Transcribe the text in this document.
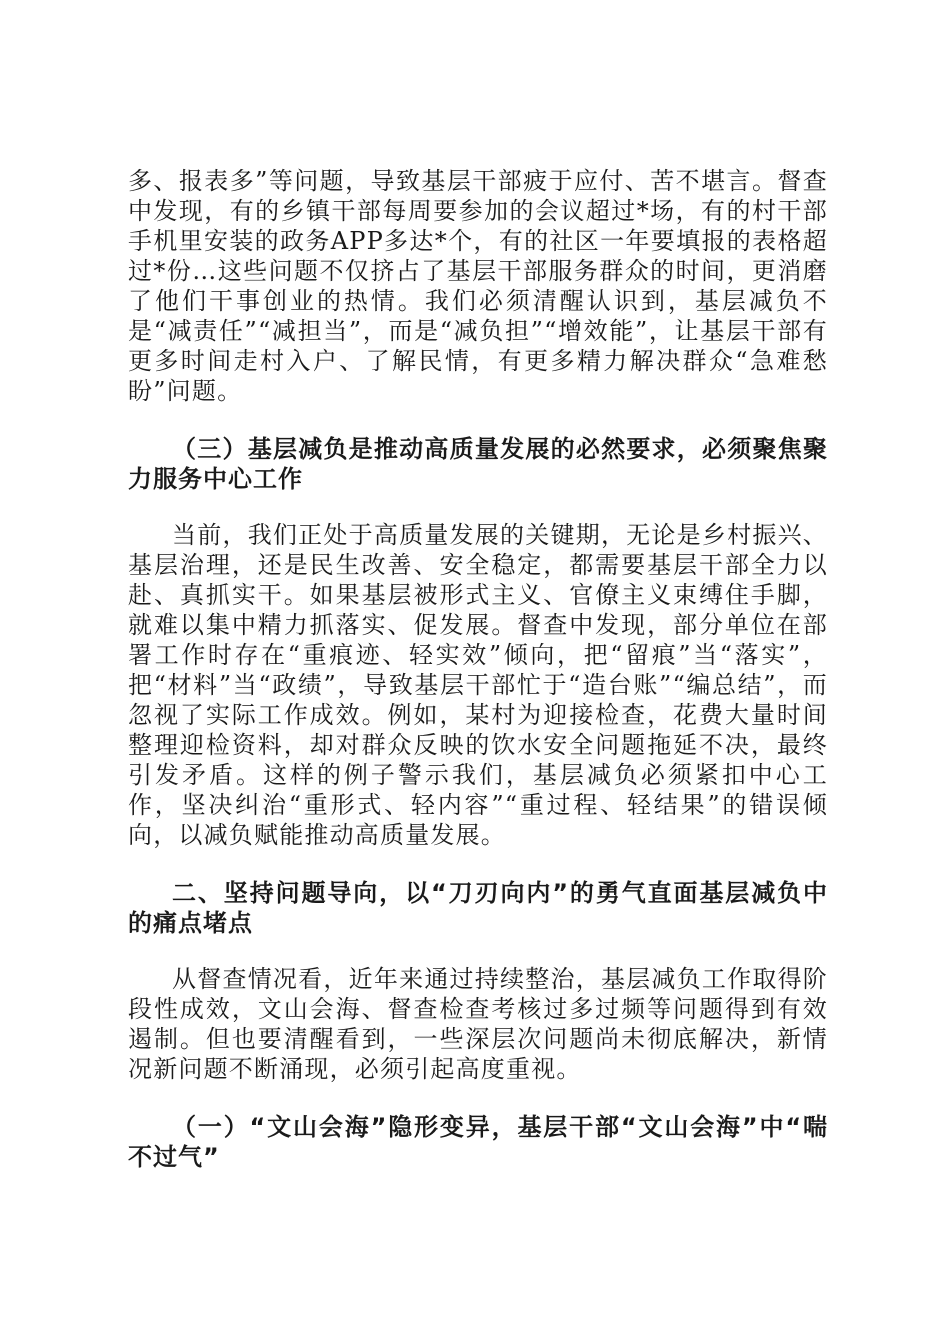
多、报表多”等问题，导致基层干部疲于应付、苦不堪言。督查中发现，有的乡镇干部每周要参加的会议超过*场，有的村干部手机里安装的政务APP多达*个，有的社区一年要填报的表格超过*份…这些问题不仅挤占了基层干部服务群众的时间，更消磨了他们干事创业的热情。我们必须清醒认识到，基层减负不是“减责任”“减担当”，而是“减负担”“增效能”，让基层干部有更多时间走村入户、了解民情，有更多精力解决群众“急难愁盼”问题。

（三）基层减负是推动高质量发展的必然要求，必须聚焦聚力服务中心工作

当前，我们正处于高质量发展的关键期，无论是乡村振兴、基层治理，还是民生改善、安全稳定，都需要基层干部全力以赴、真抓实干。如果基层被形式主义、官僚主义束缚住手脚，就难以集中精力抓落实、促发展。督查中发现，部分单位在部署工作时存在“重痕迹、轻实效”倾向，把“留痕”当“落实”，把“材料”当“政绩”，导致基层干部忙于“造台账”“编总结”，而忽视了实际工作成效。例如，某村为迎接检查，花费大量时间整理迎检资料，却对群众反映的饮水安全问题拖延不决，最终引发矛盾。这样的例子警示我们，基层减负必须紧扣中心工作，坚决纠治“重形式、轻内容”“重过程、轻结果”的错误倾向，以减负赋能推动高质量发展。

二、坚持问题导向，以“刀刃向内”的勇气直面基层减负中的痛点堵点

从督查情况看，近年来通过持续整治，基层减负工作取得阶段性成效，文山会海、督查检查考核过多过频等问题得到有效遏制。但也要清醒看到，一些深层次问题尚未彻底解决，新情况新问题不断涌现，必须引起高度重视。

（一）“文山会海”隐形变异，基层干部“文山会海”中“喘不过气”
